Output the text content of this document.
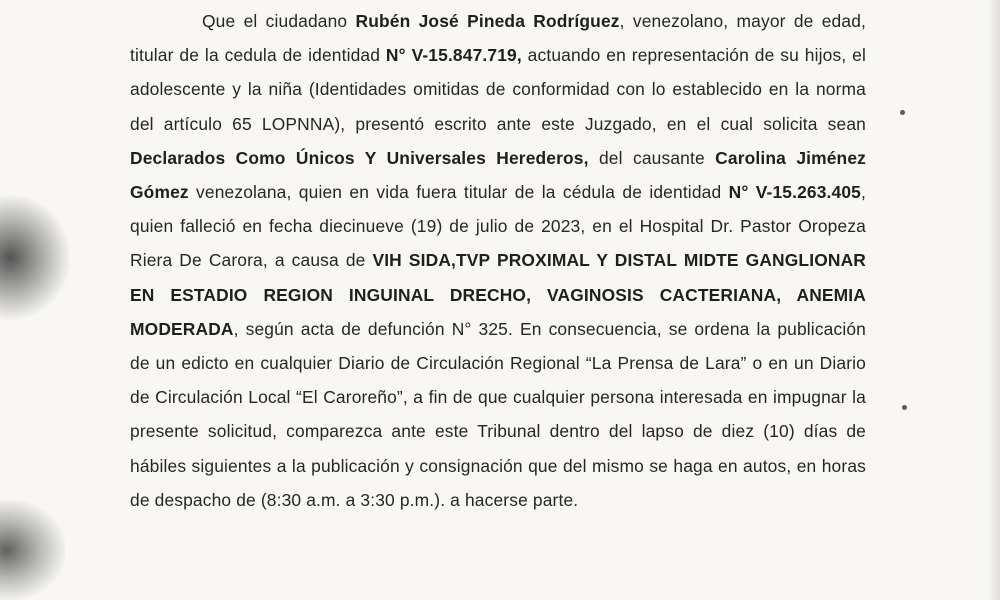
Que el ciudadano Rubén José Pineda Rodríguez, venezolano, mayor de edad, titular de la cedula de identidad N° V-15.847.719, actuando en representación de su hijos, el adolescente y la niña (Identidades omitidas de conformidad con lo establecido en la norma del artículo 65 LOPNNA), presentó escrito ante este Juzgado, en el cual solicita sean Declarados Como Únicos Y Universales Herederos, del causante Carolina Jiménez Gómez venezolana, quien en vida fuera titular de la cédula de identidad N° V-15.263.405, quien falleció en fecha diecinueve (19) de julio de 2023, en el Hospital Dr. Pastor Oropeza Riera De Carora, a causa de VIH SIDA,TVP PROXIMAL Y DISTAL MIDTE GANGLIONAR EN ESTADIO REGION INGUINAL DRECHO, VAGINOSIS CACTERIANA, ANEMIA MODERADA, según acta de defunción N° 325. En consecuencia, se ordena la publicación de un edicto en cualquier Diario de Circulación Regional “La Prensa de Lara” o en un Diario de Circulación Local “El Caroreño”, a fin de que cualquier persona interesada en impugnar la presente solicitud, comparezca ante este Tribunal dentro del lapso de diez (10) días de hábiles siguientes a la publicación y consignación que del mismo se haga en autos, en horas de despacho de (8:30 a.m. a 3:30 p.m.). a hacerse parte.
